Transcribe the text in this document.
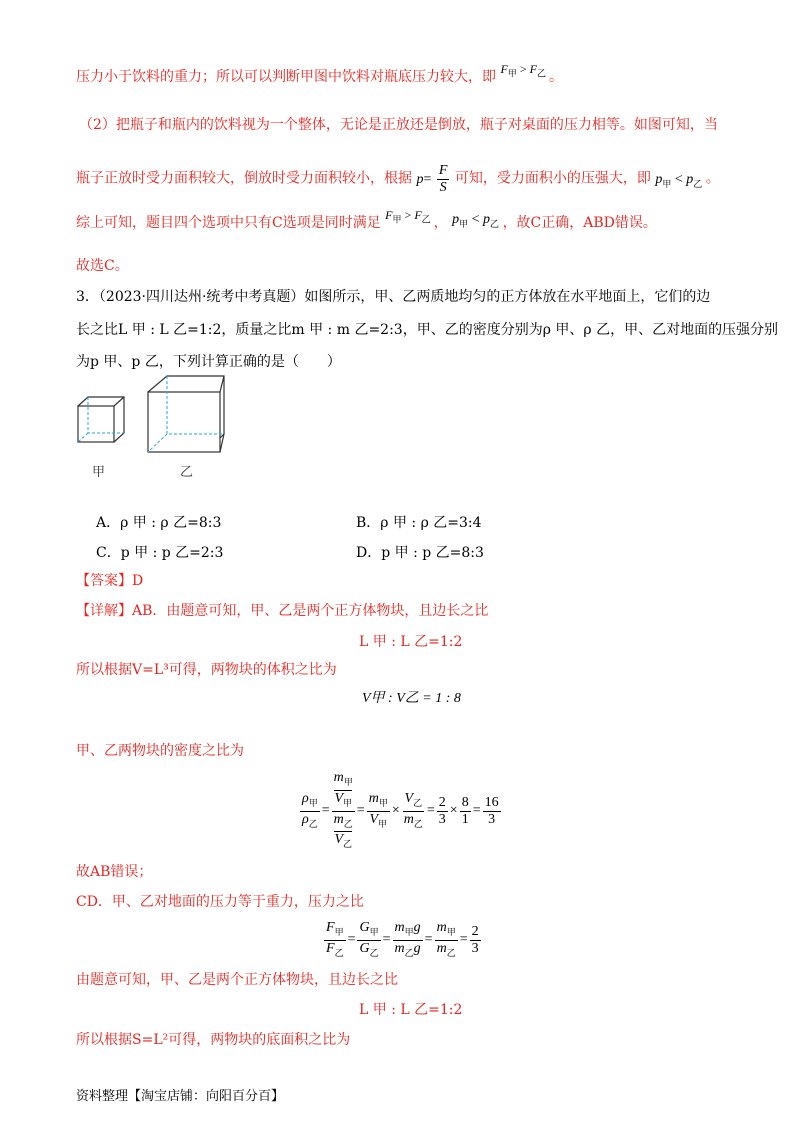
压力小于饮料的重力；所以可以判断甲图中饮料对瓶底压力较大，即 $F_甲 > F_乙$ 。
（2）把瓶子和瓶内的饮料视为一个整体，无论是正放还是倒放，瓶子对桌面的压力相等。如图可知，当
瓶子正放时受力面积较大，倒放时受力面积较小，根据 $p= \frac{F}{S}$ 可知，受力面积小的压强大，即 $p_甲 < p_乙$ 。
综上可知，题目四个选项中只有C选项是同时满足 $F_甲 > F_乙$ ， $p_甲 < p_乙$ ，故C正确，ABD错误。
故选C。
3．（2023·四川达州·统考中考真题）如图所示，甲、乙两质地均匀的正方体放在水平地面上，它们的边
长之比L 甲 : L 乙=1:2，质量之比m 甲 : m 乙=2:3，甲、乙的密度分别为ρ 甲、ρ 乙，甲、乙对地面的压强分别
为p 甲、p 乙，下列计算正确的是（　　）
甲	乙
A．ρ 甲 : ρ 乙=8:3	B．ρ 甲 : ρ 乙=3:4
C．p 甲 : p 乙=2:3	D．p 甲 : p 乙=8:3
【答案】D
【详解】AB．由题意可知，甲、乙是两个正方体物块，且边长之比
L 甲 : L 乙=1:2
所以根据V=L³可得，两物块的体积之比为
V甲 : V乙 = 1 : 8
甲、乙两物块的密度之比为
$\frac{\rho_甲}{\rho_乙} = m_甲$
$V_甲$
$m_乙$
$V_乙 = \frac{m_甲}{V_甲} \times \frac{V_乙}{m_乙} = \frac{2}{3} \times \frac{8}{1} = \frac{16}{3}$
故AB错误；
CD．甲、乙对地面的压力等于重力，压力之比
$\frac{F_甲}{F_乙} = \frac{G_甲}{G_乙} = \frac{m_甲g}{m_乙g} = \frac{m_甲}{m_乙} = \frac{2}{3}$
由题意可知，甲、乙是两个正方体物块，且边长之比
L 甲 : L 乙=1:2
所以根据S=L²可得，两物块的底面积之比为
资料整理【淘宝店铺：向阳百分百】
